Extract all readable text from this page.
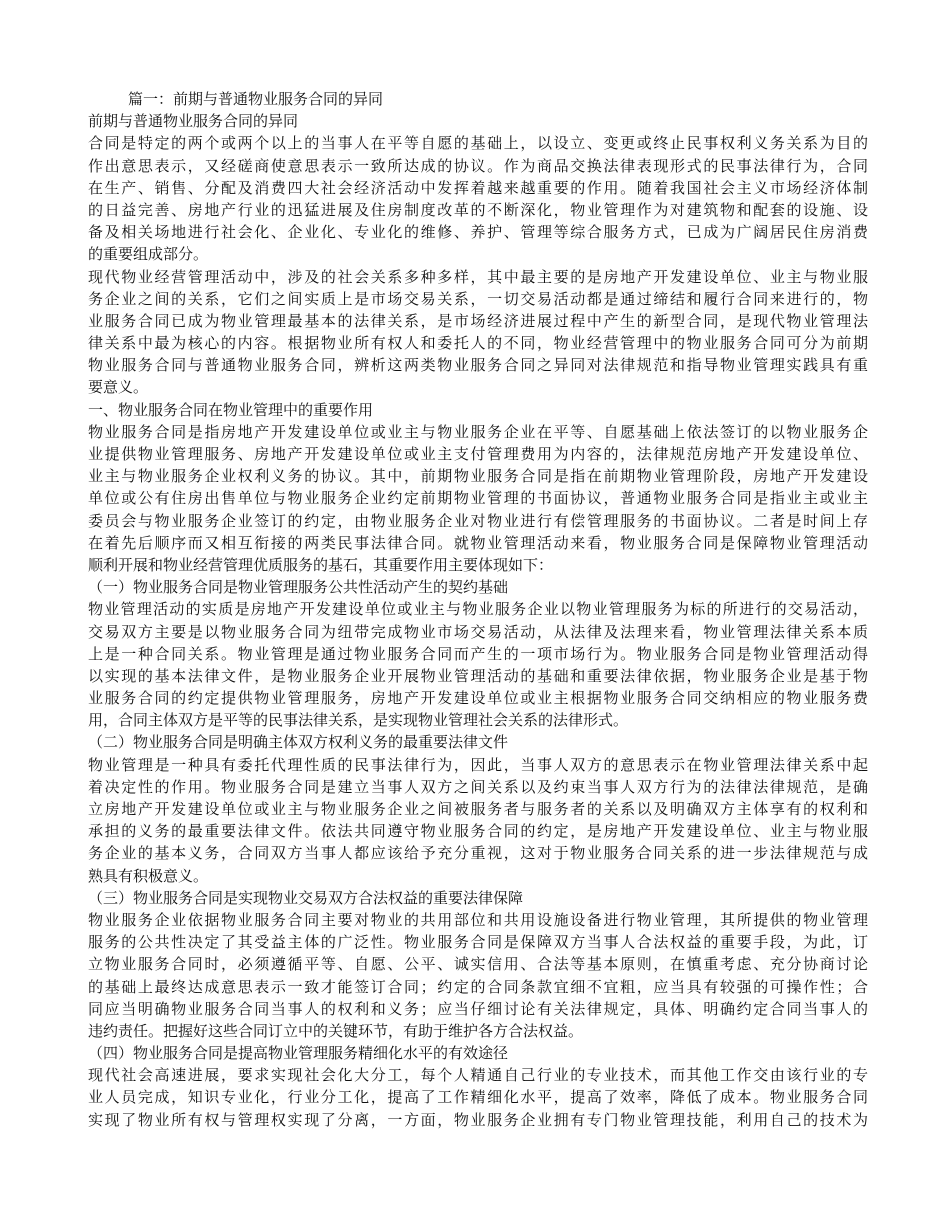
篇一：前期与普通物业服务合同的异同

前期与普通物业服务合同的异同

合同是特定的两个或两个以上的当事人在平等自愿的基础上，以设立、变更或终止民事权利义务关系为目的

作出意思表示，又经磋商使意思表示一致所达成的协议。作为商品交换法律表现形式的民事法律行为，合同

在生产、销售、分配及消费四大社会经济活动中发挥着越来越重要的作用。随着我国社会主义市场经济体制

的日益完善、房地产行业的迅猛进展及住房制度改革的不断深化，物业管理作为对建筑物和配套的设施、设

备及相关场地进行社会化、企业化、专业化的维修、养护、管理等综合服务方式，已成为广阔居民住房消费

的重要组成部分。

现代物业经营管理活动中，涉及的社会关系多种多样，其中最主要的是房地产开发建设单位、业主与物业服

务企业之间的关系，它们之间实质上是市场交易关系，一切交易活动都是通过缔结和履行合同来进行的，物

业服务合同已成为物业管理最基本的法律关系，是市场经济进展过程中产生的新型合同，是现代物业管理法

律关系中最为核心的内容。根据物业所有权人和委托人的不同，物业经营管理中的物业服务合同可分为前期

物业服务合同与普通物业服务合同，辨析这两类物业服务合同之异同对法律规范和指导物业管理实践具有重

要意义。

一、物业服务合同在物业管理中的重要作用

物业服务合同是指房地产开发建设单位或业主与物业服务企业在平等、自愿基础上依法签订的以物业服务企

业提供物业管理服务、房地产开发建设单位或业主支付管理费用为内容的，法律规范房地产开发建设单位、

业主与物业服务企业权利义务的协议。其中，前期物业服务合同是指在前期物业管理阶段，房地产开发建设

单位或公有住房出售单位与物业服务企业约定前期物业管理的书面协议，普通物业服务合同是指业主或业主

委员会与物业服务企业签订的约定，由物业服务企业对物业进行有偿管理服务的书面协议。二者是时间上存

在着先后顺序而又相互衔接的两类民事法律合同。就物业管理活动来看，物业服务合同是保障物业管理活动

顺利开展和物业经营管理优质服务的基石，其重要作用主要体现如下：

（一）物业服务合同是物业管理服务公共性活动产生的契约基础

物业管理活动的实质是房地产开发建设单位或业主与物业服务企业以物业管理服务为标的所进行的交易活动，

交易双方主要是以物业服务合同为纽带完成物业市场交易活动，从法律及法理来看，物业管理法律关系本质

上是一种合同关系。物业管理是通过物业服务合同而产生的一项市场行为。物业服务合同是物业管理活动得

以实现的基本法律文件，是物业服务企业开展物业管理活动的基础和重要法律依据，物业服务企业是基于物

业服务合同的约定提供物业管理服务，房地产开发建设单位或业主根据物业服务合同交纳相应的物业服务费

用，合同主体双方是平等的民事法律关系，是实现物业管理社会关系的法律形式。

（二）物业服务合同是明确主体双方权利义务的最重要法律文件

物业管理是一种具有委托代理性质的民事法律行为，因此，当事人双方的意思表示在物业管理法律关系中起

着决定性的作用。物业服务合同是建立当事人双方之间关系以及约束当事人双方行为的法律法律规范，是确

立房地产开发建设单位或业主与物业服务企业之间被服务者与服务者的关系以及明确双方主体享有的权利和

承担的义务的最重要法律文件。依法共同遵守物业服务合同的约定，是房地产开发建设单位、业主与物业服

务企业的基本义务，合同双方当事人都应该给予充分重视，这对于物业服务合同关系的进一步法律规范与成

熟具有积极意义。

（三）物业服务合同是实现物业交易双方合法权益的重要法律保障

物业服务企业依据物业服务合同主要对物业的共用部位和共用设施设备进行物业管理，其所提供的物业管理

服务的公共性决定了其受益主体的广泛性。物业服务合同是保障双方当事人合法权益的重要手段，为此，订

立物业服务合同时，必须遵循平等、自愿、公平、诚实信用、合法等基本原则，在慎重考虑、充分协商讨论

的基础上最终达成意思表示一致才能签订合同；约定的合同条款宜细不宜粗，应当具有较强的可操作性；合

同应当明确物业服务合同当事人的权利和义务；应当仔细讨论有关法律规定，具体、明确约定合同当事人的

违约责任。把握好这些合同订立中的关键环节，有助于维护各方合法权益。

（四）物业服务合同是提高物业管理服务精细化水平的有效途径

现代社会高速进展，要求实现社会化大分工，每个人精通自己行业的专业技术，而其他工作交由该行业的专

业人员完成，知识专业化，行业分工化，提高了工作精细化水平，提高了效率，降低了成本。物业服务合同

实现了物业所有权与管理权实现了分离，一方面，物业服务企业拥有专门物业管理技能，利用自己的技术为
